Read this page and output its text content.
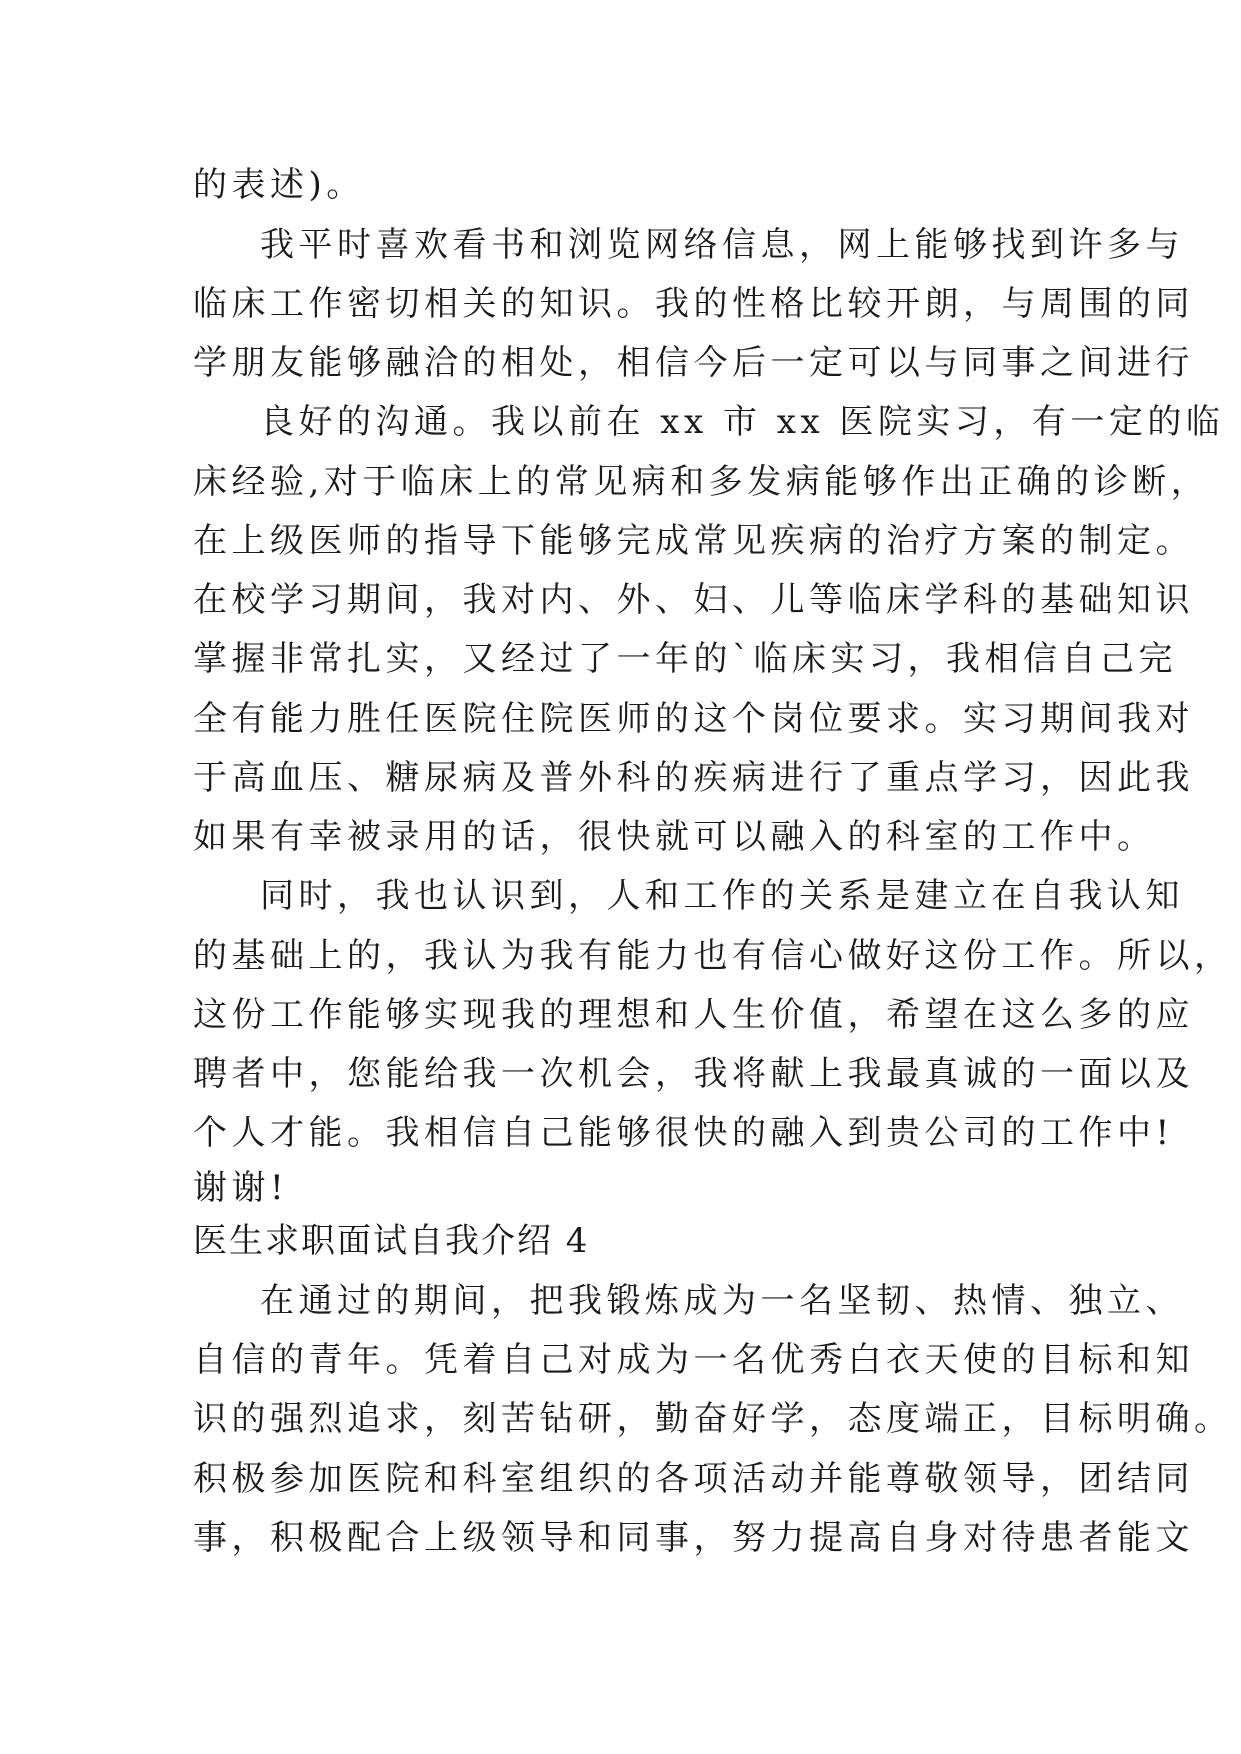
的表述)。
我平时喜欢看书和浏览网络信息，网上能够找到许多与
临床工作密切相关的知识。我的性格比较开朗，与周围的同
学朋友能够融洽的相处，相信今后一定可以与同事之间进行
良好的沟通。我以前在 xx 市 xx 医院实习，有一定的临
床经验,对于临床上的常见病和多发病能够作出正确的诊断，
在上级医师的指导下能够完成常见疾病的治疗方案的制定。
在校学习期间，我对内、外、妇、儿等临床学科的基础知识
掌握非常扎实，又经过了一年的`临床实习，我相信自己完
全有能力胜任医院住院医师的这个岗位要求。实习期间我对
于高血压、糖尿病及普外科的疾病进行了重点学习，因此我
如果有幸被录用的话，很快就可以融入的科室的工作中。
同时，我也认识到，人和工作的关系是建立在自我认知
的基础上的，我认为我有能力也有信心做好这份工作。所以，
这份工作能够实现我的理想和人生价值，希望在这么多的应
聘者中，您能给我一次机会，我将献上我最真诚的一面以及
个人才能。我相信自己能够很快的融入到贵公司的工作中!
谢谢!
医生求职面试自我介绍 4
在通过的期间，把我锻炼成为一名坚韧、热情、独立、
自信的青年。凭着自己对成为一名优秀白衣天使的目标和知
识的强烈追求，刻苦钻研，勤奋好学，态度端正，目标明确。
积极参加医院和科室组织的各项活动并能尊敬领导，团结同
事，积极配合上级领导和同事，努力提高自身对待患者能文
